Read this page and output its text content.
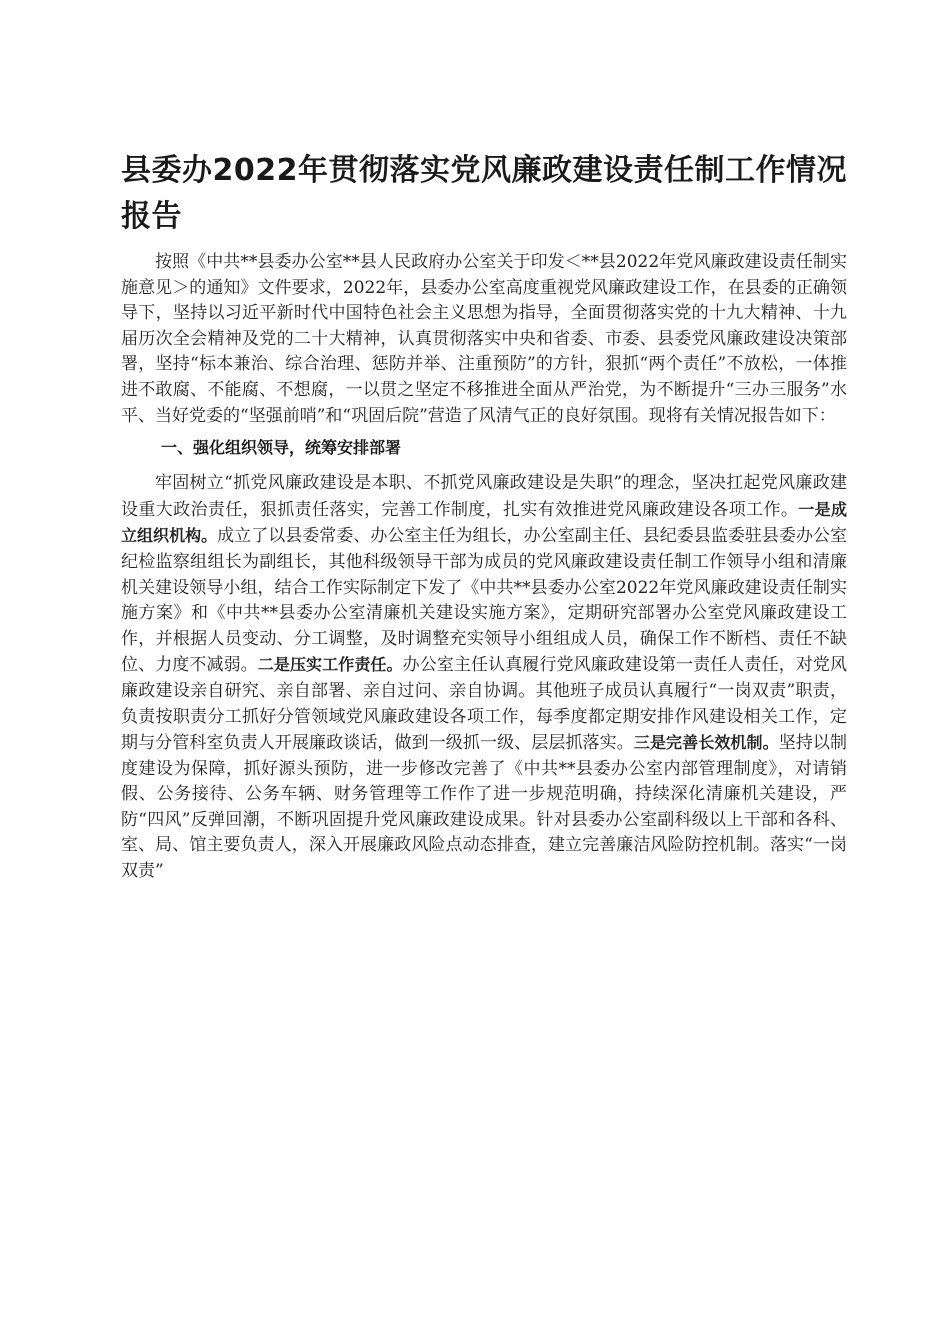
县委办2022年贯彻落实党风廉政建设责任制工作情况报告

按照《中共**县委办公室**县人民政府办公室关于印发＜**县2022年党风廉政建设责任制实施意见＞的通知》文件要求，2022年，县委办公室高度重视党风廉政建设工作，在县委的正确领导下，坚持以习近平新时代中国特色社会主义思想为指导，全面贯彻落实党的十九大精神、十九届历次全会精神及党的二十大精神，认真贯彻落实中央和省委、市委、县委党风廉政建设决策部署，坚持“标本兼治、综合治理、惩防并举、注重预防”的方针，狠抓“两个责任”不放松，一体推进不敢腐、不能腐、不想腐，一以贯之坚定不移推进全面从严治党，为不断提升“三办三服务”水平、当好党委的“坚强前哨”和“巩固后院”营造了风清气正的良好氛围。现将有关情况报告如下：

一、强化组织领导，统筹安排部署

牢固树立“抓党风廉政建设是本职、不抓党风廉政建设是失职”的理念，坚决扛起党风廉政建设重大政治责任，狠抓责任落实，完善工作制度，扎实有效推进党风廉政建设各项工作。一是成立组织机构。成立了以县委常委、办公室主任为组长，办公室副主任、县纪委县监委驻县委办公室纪检监察组组长为副组长，其他科级领导干部为成员的党风廉政建设责任制工作领导小组和清廉机关建设领导小组，结合工作实际制定下发了《中共**县委办公室2022年党风廉政建设责任制实施方案》和《中共**县委办公室清廉机关建设实施方案》，定期研究部署办公室党风廉政建设工作，并根据人员变动、分工调整，及时调整充实领导小组组成人员，确保工作不断档、责任不缺位、力度不减弱。二是压实工作责任。办公室主任认真履行党风廉政建设第一责任人责任，对党风廉政建设亲自研究、亲自部署、亲自过问、亲自协调。其他班子成员认真履行“一岗双责”职责，负责按职责分工抓好分管领域党风廉政建设各项工作，每季度都定期安排作风建设相关工作，定期与分管科室负责人开展廉政谈话，做到一级抓一级、层层抓落实。三是完善长效机制。坚持以制度建设为保障，抓好源头预防，进一步修改完善了《中共**县委办公室内部管理制度》，对请销假、公务接待、公务车辆、财务管理等工作作了进一步规范明确，持续深化清廉机关建设，严防“四风”反弹回潮，不断巩固提升党风廉政建设成果。针对县委办公室副科级以上干部和各科、室、局、馆主要负责人，深入开展廉政风险点动态排查，建立完善廉洁风险防控机制。落实“一岗双责”
